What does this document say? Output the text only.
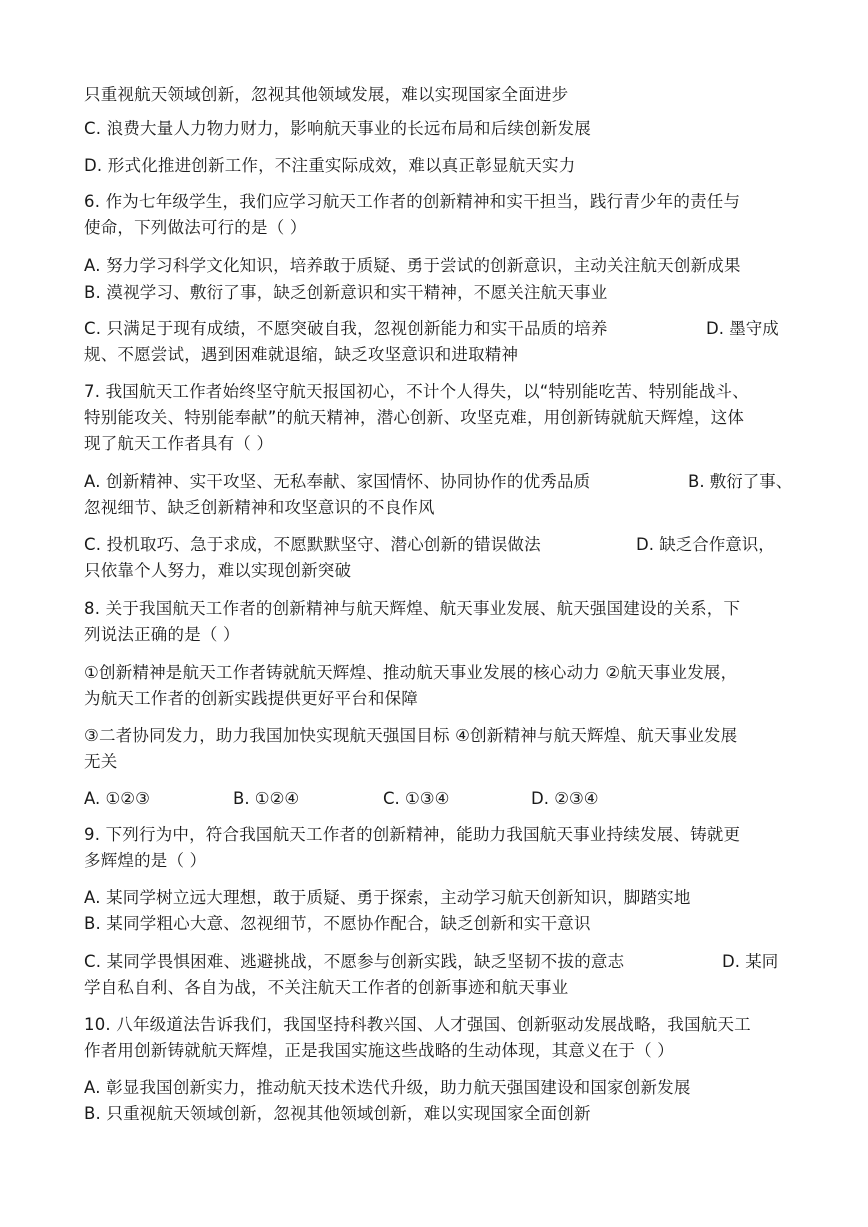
只重视航天领域创新，忽视其他领域发展，难以实现国家全面进步
C. 浪费大量人力物力财力，影响航天事业的长远布局和后续创新发展
D. 形式化推进创新工作，不注重实际成效，难以真正彰显航天实力
6. 作为七年级学生，我们应学习航天工作者的创新精神和实干担当，践行青少年的责任与
使命，下列做法可行的是（ ）
A. 努力学习科学文化知识，培养敢于质疑、勇于尝试的创新意识，主动关注航天创新成果
B. 漠视学习、敷衍了事，缺乏创新意识和实干精神，不愿关注航天事业
C. 只满足于现有成绩，不愿突破自我，忽视创新能力和实干品质的培养	D. 墨守成
规、不愿尝试，遇到困难就退缩，缺乏攻坚意识和进取精神
7. 我国航天工作者始终坚守航天报国初心，不计个人得失，以“特别能吃苦、特别能战斗、
特别能攻关、特别能奉献”的航天精神，潜心创新、攻坚克难，用创新铸就航天辉煌，这体
现了航天工作者具有（ ）
A. 创新精神、实干攻坚、无私奉献、家国情怀、协同协作的优秀品质	B. 敷衍了事、
忽视细节、缺乏创新精神和攻坚意识的不良作风
C. 投机取巧、急于求成，不愿默默坚守、潜心创新的错误做法	D. 缺乏合作意识，
只依靠个人努力，难以实现创新突破
8. 关于我国航天工作者的创新精神与航天辉煌、航天事业发展、航天强国建设的关系，下
列说法正确的是（ ）
①创新精神是航天工作者铸就航天辉煌、推动航天事业发展的核心动力 ②航天事业发展，
为航天工作者的创新实践提供更好平台和保障
③二者协同发力，助力我国加快实现航天强国目标 ④创新精神与航天辉煌、航天事业发展
无关
A. ①②③	B. ①②④	C. ①③④	D. ②③④
9. 下列行为中，符合我国航天工作者的创新精神，能助力我国航天事业持续发展、铸就更
多辉煌的是（ ）
A. 某同学树立远大理想，敢于质疑、勇于探索，主动学习航天创新知识，脚踏实地
B. 某同学粗心大意、忽视细节，不愿协作配合，缺乏创新和实干意识
C. 某同学畏惧困难、逃避挑战，不愿参与创新实践，缺乏坚韧不拔的意志	D. 某同
学自私自利、各自为战，不关注航天工作者的创新事迹和航天事业
10. 八年级道法告诉我们，我国坚持科教兴国、人才强国、创新驱动发展战略，我国航天工
作者用创新铸就航天辉煌，正是我国实施这些战略的生动体现，其意义在于（ ）
A. 彰显我国创新实力，推动航天技术迭代升级，助力航天强国建设和国家创新发展
B. 只重视航天领域创新，忽视其他领域创新，难以实现国家全面创新
